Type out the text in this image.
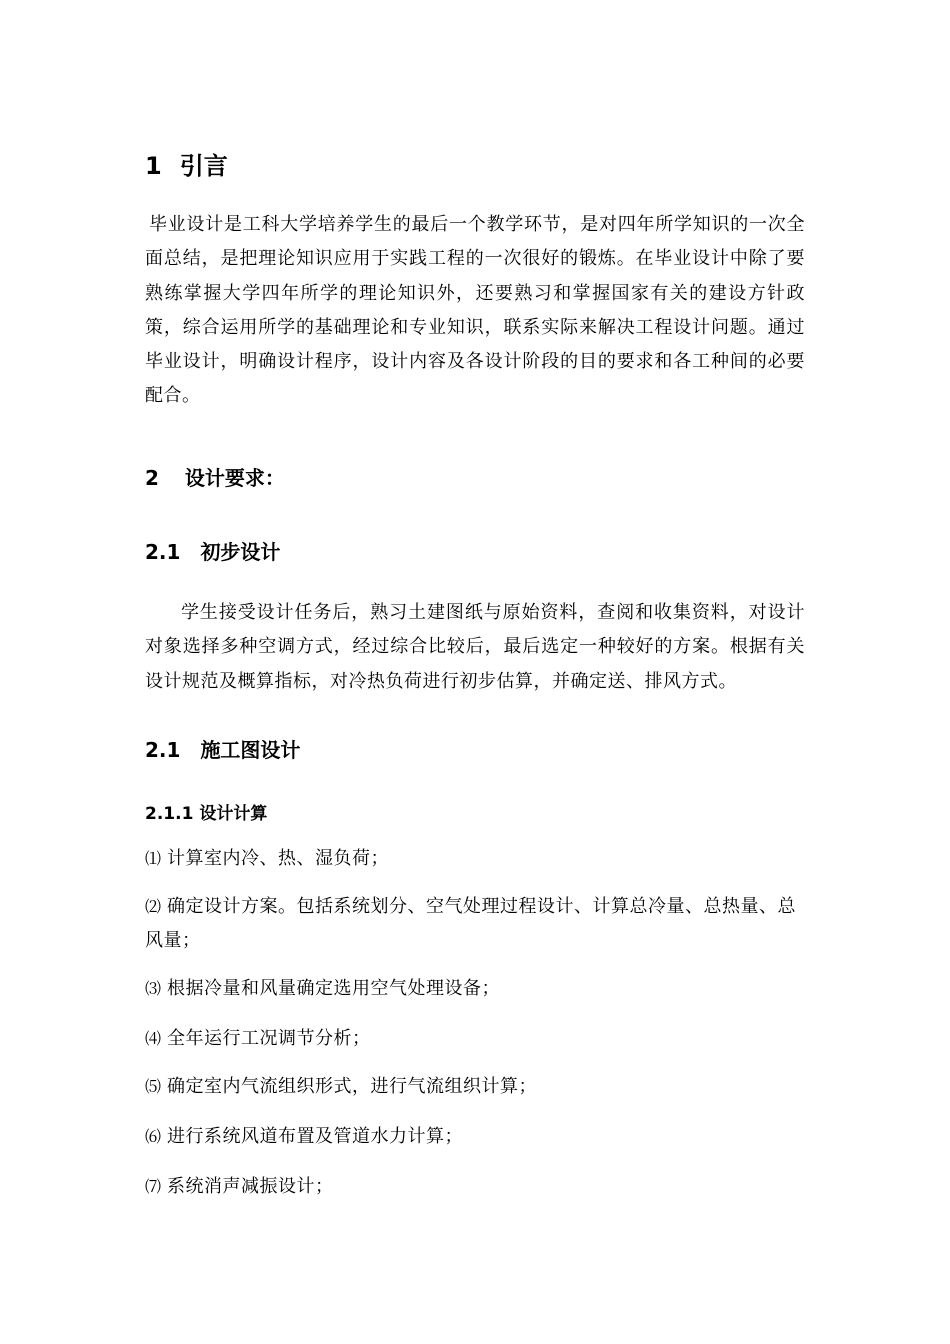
1 引言
毕业设计是工科大学培养学生的最后一个教学环节，是对四年所学知识的一次全面总结，是把理论知识应用于实践工程的一次很好的锻炼。在毕业设计中除了要熟练掌握大学四年所学的理论知识外，还要熟习和掌握国家有关的建设方针政策，综合运用所学的基础理论和专业知识，联系实际来解决工程设计问题。通过毕业设计，明确设计程序，设计内容及各设计阶段的目的要求和各工种间的必要配合。
2 设计要求：
2.1 初步设计
学生接受设计任务后，熟习土建图纸与原始资料，查阅和收集资料，对设计对象选择多种空调方式，经过综合比较后，最后选定一种较好的方案。根据有关设计规范及概算指标，对冷热负荷进行初步估算，并确定送、排风方式。
2.1 施工图设计
2.1.1 设计计算
⑴ 计算室内冷、热、湿负荷；
⑵ 确定设计方案。包括系统划分、空气处理过程设计、计算总冷量、总热量、总风量；
⑶ 根据冷量和风量确定选用空气处理设备；
⑷ 全年运行工况调节分析；
⑸ 确定室内气流组织形式，进行气流组织计算；
⑹ 进行系统风道布置及管道水力计算；
⑺ 系统消声减振设计；
